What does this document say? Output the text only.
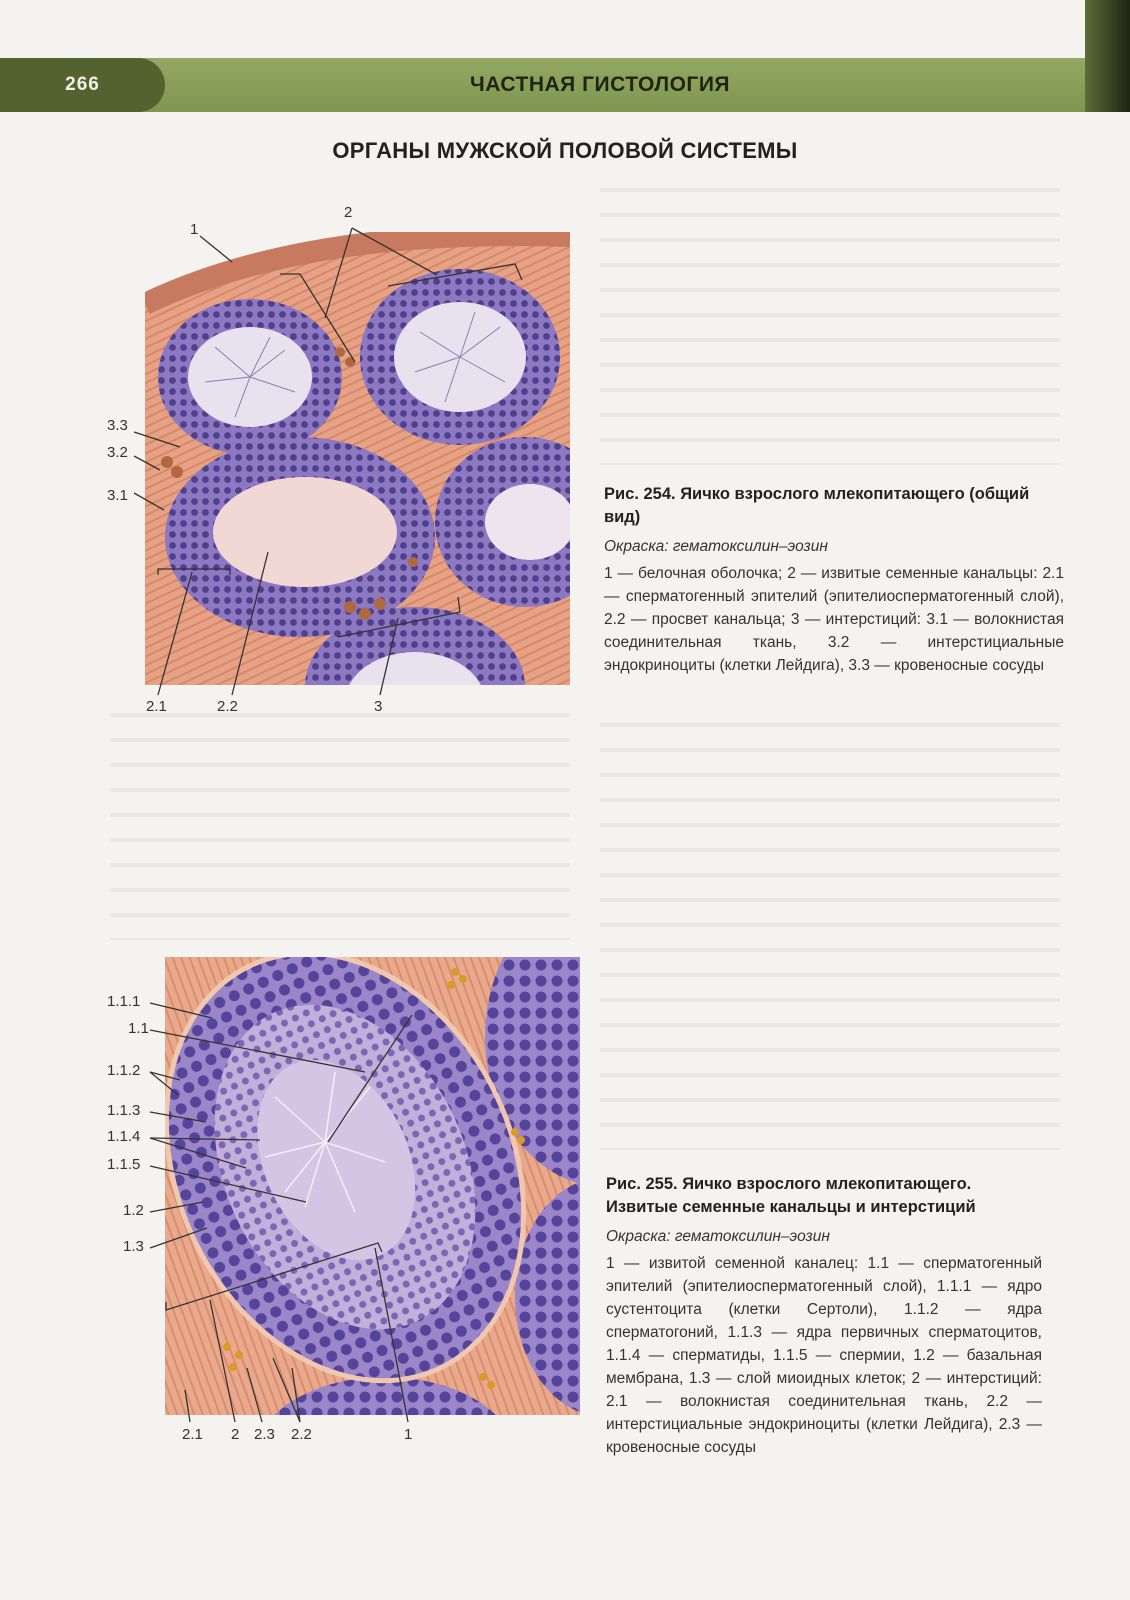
266	ЧАСТНАЯ ГИСТОЛОГИЯ
ОРГАНЫ МУЖСКОЙ ПОЛОВОЙ СИСТЕМЫ
1
2
3.3
3.2
3.1
2.1	2.2	3
Рис. 254. Яичко взрослого млекопитающего (общий вид)
Окраска: гематоксилин–эозин
1 — белочная оболочка; 2 — извитые семенные канальцы: 2.1 — сперматогенный эпителий (эпителиосперматогенный слой), 2.2 — просвет канальца; 3 — интерстиций: 3.1 — волокнистая соединительная ткань, 3.2 — интерстициальные эндокриноциты (клетки Лейдига), 3.3 — кровеносные сосуды
1.1.1
1.1
1.1.2
1.1.3
1.1.4
1.1.5
1.2
1.3
2.1 2 2.3 2.2	1
Рис. 255. Яичко взрослого млекопитающего. Извитые семенные канальцы и интерстиций
Окраска: гематоксилин–эозин
1 — извитой семенной каналец: 1.1 — сперматогенный эпителий (эпителиосперматогенный слой), 1.1.1 — ядро сустентоцита (клетки Сертоли), 1.1.2 — ядра сперматогоний, 1.1.3 — ядра первичных сперматоцитов, 1.1.4 — сперматиды, 1.1.5 — спермии, 1.2 — базальная мембрана, 1.3 — слой миоидных клеток; 2 — интерстиций: 2.1 — волокнистая соединительная ткань, 2.2 — интерстициальные эндокриноциты (клетки Лейдига), 2.3 — кровеносные сосуды
